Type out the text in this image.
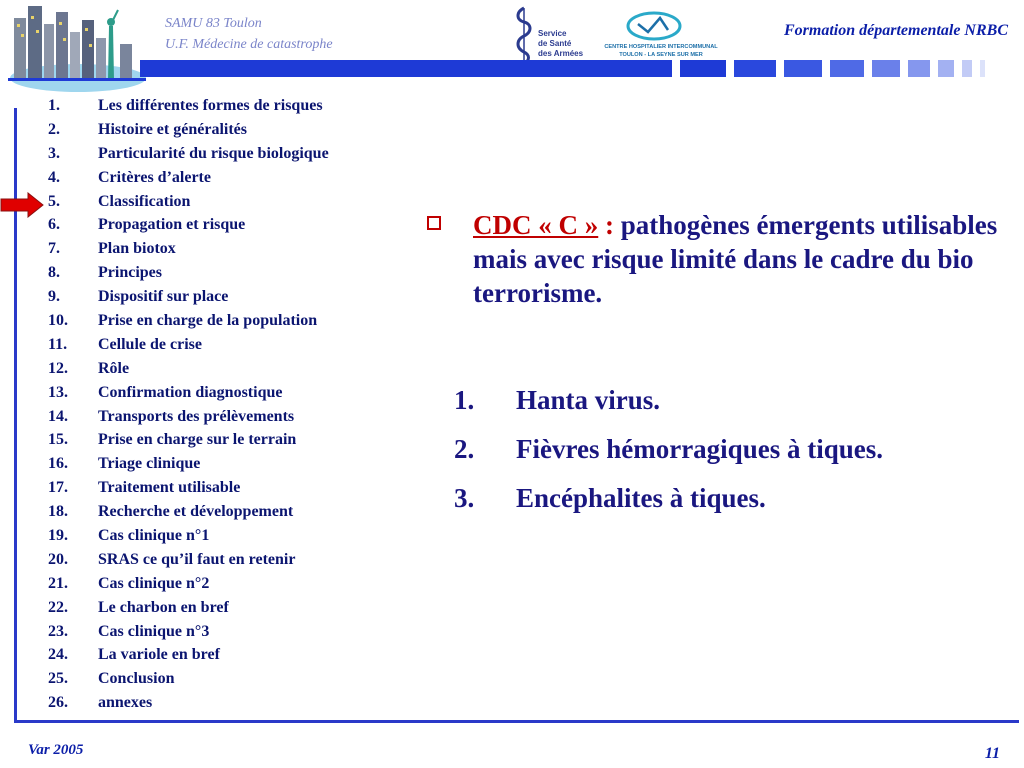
SAMU 83 Toulon
U.F. Médecine de catastrophe
Service
de Santé
des Armées
CENTRE HOSPITALIER INTERCOMMUNAL
TOULON - LA SEYNE SUR MER
Formation départementale NRBC
1. Les différentes formes de risques
2. Histoire et généralités
3. Particularité du risque biologique
4. Critères d’alerte
5. Classification
6. Propagation et risque
7. Plan biotox
8. Principes
9. Dispositif sur place
10. Prise en charge de la population
11. Cellule de crise
12. Rôle
13. Confirmation diagnostique
14. Transports des prélèvements
15. Prise en charge sur le terrain
16. Triage clinique
17. Traitement utilisable
18. Recherche et développement
19. Cas clinique n°1
20. SRAS ce qu’il faut en retenir
21. Cas clinique n°2
22. Le charbon en bref
23. Cas clinique n°3
24. La variole en bref
25. Conclusion
26. annexes
CDC « C » : pathogènes émergents utilisables mais avec risque limité dans le cadre du bio terrorisme.
1. Hanta virus.
2. Fièvres hémorragiques à tiques.
3. Encéphalites à tiques.
Var 2005	11
